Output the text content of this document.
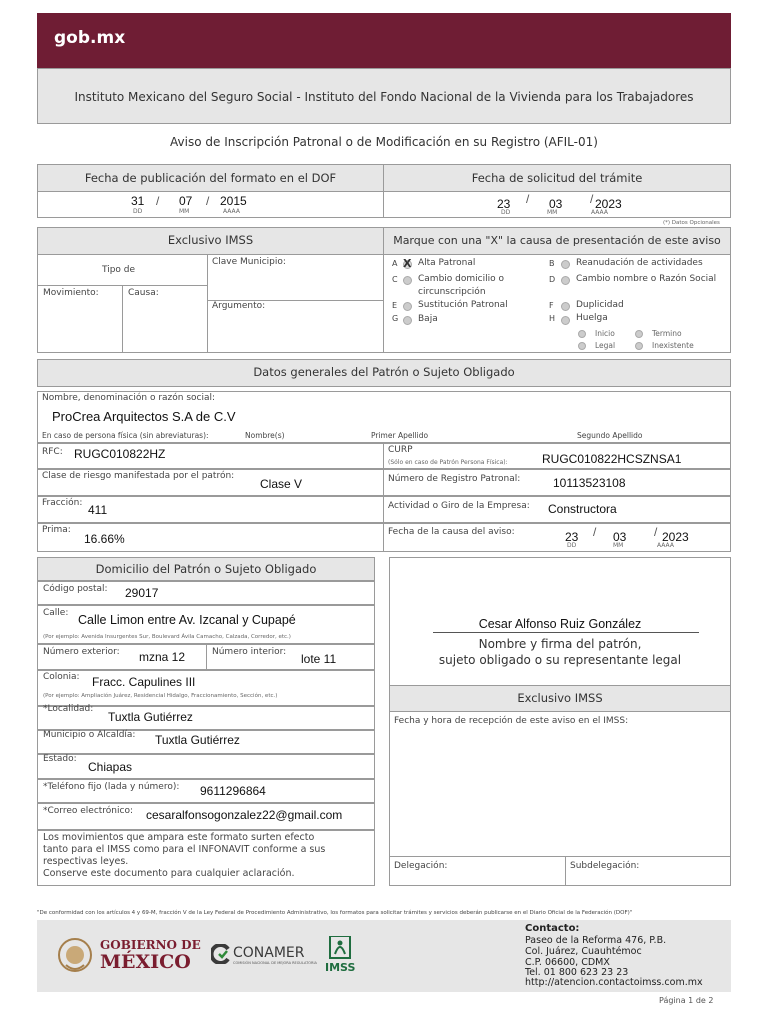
gob.mx
Instituto Mexicano del Seguro Social - Instituto del Fondo Nacional de la Vivienda para los Trabajadores
Aviso de Inscripción Patronal o de Modificación en su Registro (AFIL-01)
Fecha de publicación del formato en el DOF	Fecha de solicitud del trámite
31
DD
/ 07
MM
/ 2015
AAAA
23
DD
/ 03
MM
/ 2023
AAAA
(*) Datos Opcionales
Exclusivo IMSS	Marque con una "X" la causa de presentación de este aviso
Tipo de
Movimiento:	Causa:
Clave Municipio:
Argumento:
A X Alta Patronal	B Reanudación de actividades
C Cambio domicilio o
circunscripción
D Cambio nombre o Razón Social
E Sustitución Patronal	F Duplicidad
G Baja	H Huelga
Inicio	Termino
Legal	Inexistente
Datos generales del Patrón o Sujeto Obligado
Nombre, denominación o razón social:
ProCrea Arquitectos S.A de C.V
En caso de persona física (sin abreviaturas):	Nombre(s)	Primer Apellido	Segundo Apellido
RFC: RUGC010822HZ	CURP
(Sólo en caso de Patrón Persona Física):	RUGC010822HCSZNSA1
Clase de riesgo manifestada por el patrón:
Clase V	Número de Registro Patronal:	10113523108
Fracción: 411	Actividad o Giro de la Empresa: Constructora
Prima:
16.66%	Fecha de la causa del aviso:	23
DD
/ 03
MM
/ 2023
AAAA
Domicilio del Patrón o Sujeto Obligado
Código postal: 29017
Calle: Calle Limon entre Av. Izcanal y Cupapé
(Por ejemplo: Avenida Insurgentes Sur, Boulevard Ávila Camacho, Calzada, Corredor, etc.)
Número exterior: mzna 12	Número interior: lote 11
Colonia: Fracc. Capulines III
(Por ejemplo: Ampliación Juárez, Residencial Hidalgo, Fraccionamiento, Sección, etc.)
*Localidad:
Tuxtla Gutiérrez
Municipio o Alcaldía: Tuxtla Gutiérrez
Estado:
Chiapas
*Teléfono fijo (lada y número): 9611296864
*Correo electrónico: cesaralfonsogonzalez22@gmail.com
Los movimientos que ampara este formato surten efecto
tanto para el IMSS como para el INFONAVIT conforme a sus
respectivas leyes.
Conserve este documento para cualquier aclaración.
Cesar Alfonso Ruiz González
Nombre y firma del patrón,
sujeto obligado o su representante legal
Exclusivo IMSS
Fecha y hora de recepción de este aviso en el IMSS:
Delegación:	Subdelegación:
"De conformidad con los artículos 4 y 69-M, fracción V de la Ley Federal de Procedimiento Administrativo, los formatos para solicitar trámites y servicios deberán publicarse en el Diario Oficial de la Federación (DOF)"
GOBIERNO DE
MÉXICO	CONAMER
COMISIÓN NACIONAL DE MEJORA REGULATORIA IMSS
Contacto:
Paseo de la Reforma 476, P.B.
Col. Juárez, Cuauhtémoc
C.P. 06600, CDMX
Tel. 01 800 623 23 23
http://atencion.contactoimss.com.mx
Página 1 de 2
